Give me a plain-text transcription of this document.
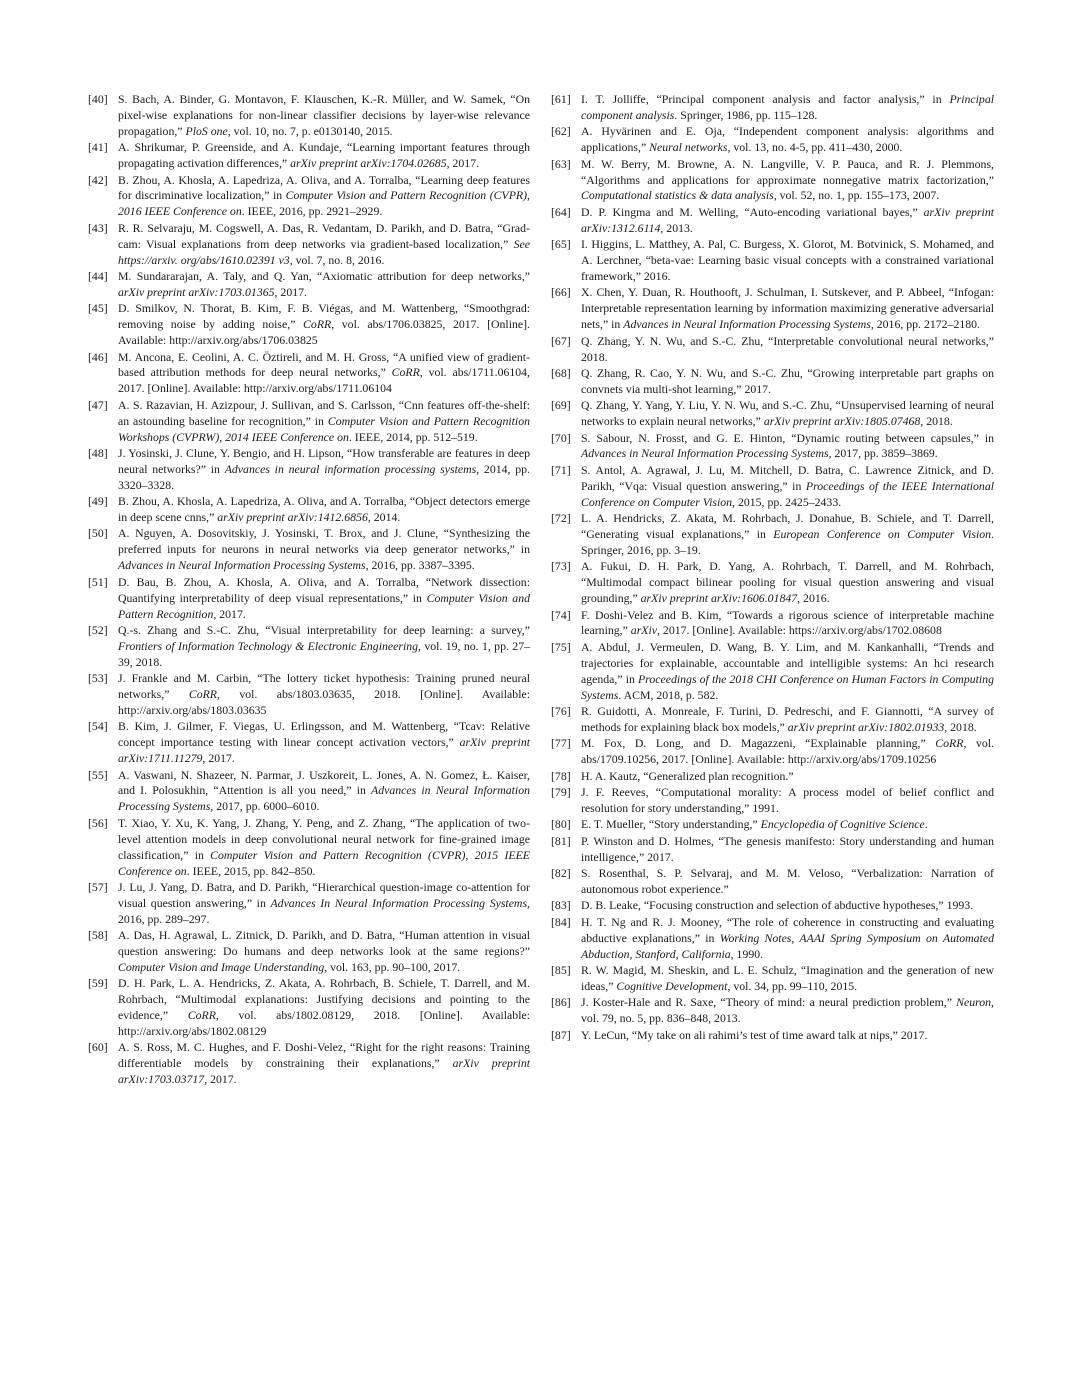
[40] S. Bach, A. Binder, G. Montavon, F. Klauschen, K.-R. Müller, and W. Samek, “On pixel-wise explanations for non-linear classifier decisions by layer-wise relevance propagation,” PloS one, vol. 10, no. 7, p. e0130140, 2015.
[41] A. Shrikumar, P. Greenside, and A. Kundaje, “Learning important features through propagating activation differences,” arXiv preprint arXiv:1704.02685, 2017.
[42] B. Zhou, A. Khosla, A. Lapedriza, A. Oliva, and A. Torralba, “Learning deep features for discriminative localization,” in Computer Vision and Pattern Recognition (CVPR), 2016 IEEE Conference on. IEEE, 2016, pp. 2921–2929.
[43] R. R. Selvaraju, M. Cogswell, A. Das, R. Vedantam, D. Parikh, and D. Batra, “Grad-cam: Visual explanations from deep networks via gradient-based localization,” See https://arxiv. org/abs/1610.02391 v3, vol. 7, no. 8, 2016.
[44] M. Sundararajan, A. Taly, and Q. Yan, “Axiomatic attribution for deep networks,” arXiv preprint arXiv:1703.01365, 2017.
[45] D. Smilkov, N. Thorat, B. Kim, F. B. Viégas, and M. Wattenberg, “Smoothgrad: removing noise by adding noise,” CoRR, vol. abs/1706.03825, 2017. [Online]. Available: http://arxiv.org/abs/1706.03825
[46] M. Ancona, E. Ceolini, A. C. Öztireli, and M. H. Gross, “A unified view of gradient-based attribution methods for deep neural networks,” CoRR, vol. abs/1711.06104, 2017. [Online]. Available: http://arxiv.org/abs/1711.06104
[47] A. S. Razavian, H. Azizpour, J. Sullivan, and S. Carlsson, “Cnn features off-the-shelf: an astounding baseline for recognition,” in Computer Vision and Pattern Recognition Workshops (CVPRW), 2014 IEEE Conference on. IEEE, 2014, pp. 512–519.
[48] J. Yosinski, J. Clune, Y. Bengio, and H. Lipson, “How transferable are features in deep neural networks?” in Advances in neural information processing systems, 2014, pp. 3320–3328.
[49] B. Zhou, A. Khosla, A. Lapedriza, A. Oliva, and A. Torralba, “Object detectors emerge in deep scene cnns,” arXiv preprint arXiv:1412.6856, 2014.
[50] A. Nguyen, A. Dosovitskiy, J. Yosinski, T. Brox, and J. Clune, “Synthesizing the preferred inputs for neurons in neural networks via deep generator networks,” in Advances in Neural Information Processing Systems, 2016, pp. 3387–3395.
[51] D. Bau, B. Zhou, A. Khosla, A. Oliva, and A. Torralba, “Network dissection: Quantifying interpretability of deep visual representations,” in Computer Vision and Pattern Recognition, 2017.
[52] Q.-s. Zhang and S.-C. Zhu, “Visual interpretability for deep learning: a survey,” Frontiers of Information Technology & Electronic Engineering, vol. 19, no. 1, pp. 27–39, 2018.
[53] J. Frankle and M. Carbin, “The lottery ticket hypothesis: Training pruned neural networks,” CoRR, vol. abs/1803.03635, 2018. [Online]. Available: http://arxiv.org/abs/1803.03635
[54] B. Kim, J. Gilmer, F. Viegas, U. Erlingsson, and M. Wattenberg, “Tcav: Relative concept importance testing with linear concept activation vectors,” arXiv preprint arXiv:1711.11279, 2017.
[55] A. Vaswani, N. Shazeer, N. Parmar, J. Uszkoreit, L. Jones, A. N. Gomez, Ł. Kaiser, and I. Polosukhin, “Attention is all you need,” in Advances in Neural Information Processing Systems, 2017, pp. 6000–6010.
[56] T. Xiao, Y. Xu, K. Yang, J. Zhang, Y. Peng, and Z. Zhang, “The application of two-level attention models in deep convolutional neural network for fine-grained image classification,” in Computer Vision and Pattern Recognition (CVPR), 2015 IEEE Conference on. IEEE, 2015, pp. 842–850.
[57] J. Lu, J. Yang, D. Batra, and D. Parikh, “Hierarchical question-image co-attention for visual question answering,” in Advances In Neural Information Processing Systems, 2016, pp. 289–297.
[58] A. Das, H. Agrawal, L. Zitnick, D. Parikh, and D. Batra, “Human attention in visual question answering: Do humans and deep networks look at the same regions?” Computer Vision and Image Understanding, vol. 163, pp. 90–100, 2017.
[59] D. H. Park, L. A. Hendricks, Z. Akata, A. Rohrbach, B. Schiele, T. Darrell, and M. Rohrbach, “Multimodal explanations: Justifying decisions and pointing to the evidence,” CoRR, vol. abs/1802.08129, 2018. [Online]. Available: http://arxiv.org/abs/1802.08129
[60] A. S. Ross, M. C. Hughes, and F. Doshi-Velez, “Right for the right reasons: Training differentiable models by constraining their explanations,” arXiv preprint arXiv:1703.03717, 2017.
[61] I. T. Jolliffe, “Principal component analysis and factor analysis,” in Principal component analysis. Springer, 1986, pp. 115–128.
[62] A. Hyvärinen and E. Oja, “Independent component analysis: algorithms and applications,” Neural networks, vol. 13, no. 4-5, pp. 411–430, 2000.
[63] M. W. Berry, M. Browne, A. N. Langville, V. P. Pauca, and R. J. Plemmons, “Algorithms and applications for approximate nonnegative matrix factorization,” Computational statistics & data analysis, vol. 52, no. 1, pp. 155–173, 2007.
[64] D. P. Kingma and M. Welling, “Auto-encoding variational bayes,” arXiv preprint arXiv:1312.6114, 2013.
[65] I. Higgins, L. Matthey, A. Pal, C. Burgess, X. Glorot, M. Botvinick, S. Mohamed, and A. Lerchner, “beta-vae: Learning basic visual concepts with a constrained variational framework,” 2016.
[66] X. Chen, Y. Duan, R. Houthooft, J. Schulman, I. Sutskever, and P. Abbeel, “Infogan: Interpretable representation learning by information maximizing generative adversarial nets,” in Advances in Neural Information Processing Systems, 2016, pp. 2172–2180.
[67] Q. Zhang, Y. N. Wu, and S.-C. Zhu, “Interpretable convolutional neural networks,” 2018.
[68] Q. Zhang, R. Cao, Y. N. Wu, and S.-C. Zhu, “Growing interpretable part graphs on convnets via multi-shot learning,” 2017.
[69] Q. Zhang, Y. Yang, Y. Liu, Y. N. Wu, and S.-C. Zhu, “Unsupervised learning of neural networks to explain neural networks,” arXiv preprint arXiv:1805.07468, 2018.
[70] S. Sabour, N. Frosst, and G. E. Hinton, “Dynamic routing between capsules,” in Advances in Neural Information Processing Systems, 2017, pp. 3859–3869.
[71] S. Antol, A. Agrawal, J. Lu, M. Mitchell, D. Batra, C. Lawrence Zitnick, and D. Parikh, “Vqa: Visual question answering,” in Proceedings of the IEEE International Conference on Computer Vision, 2015, pp. 2425–2433.
[72] L. A. Hendricks, Z. Akata, M. Rohrbach, J. Donahue, B. Schiele, and T. Darrell, “Generating visual explanations,” in European Conference on Computer Vision. Springer, 2016, pp. 3–19.
[73] A. Fukui, D. H. Park, D. Yang, A. Rohrbach, T. Darrell, and M. Rohrbach, “Multimodal compact bilinear pooling for visual question answering and visual grounding,” arXiv preprint arXiv:1606.01847, 2016.
[74] F. Doshi-Velez and B. Kim, “Towards a rigorous science of interpretable machine learning,” arXiv, 2017. [Online]. Available: https://arxiv.org/abs/1702.08608
[75] A. Abdul, J. Vermeulen, D. Wang, B. Y. Lim, and M. Kankanhalli, “Trends and trajectories for explainable, accountable and intelligible systems: An hci research agenda,” in Proceedings of the 2018 CHI Conference on Human Factors in Computing Systems. ACM, 2018, p. 582.
[76] R. Guidotti, A. Monreale, F. Turini, D. Pedreschi, and F. Giannotti, “A survey of methods for explaining black box models,” arXiv preprint arXiv:1802.01933, 2018.
[77] M. Fox, D. Long, and D. Magazzeni, “Explainable planning,” CoRR, vol. abs/1709.10256, 2017. [Online]. Available: http://arxiv.org/abs/1709.10256
[78] H. A. Kautz, “Generalized plan recognition.”
[79] J. F. Reeves, “Computational morality: A process model of belief conflict and resolution for story understanding,” 1991.
[80] E. T. Mueller, “Story understanding,” Encyclopedia of Cognitive Science.
[81] P. Winston and D. Holmes, “The genesis manifesto: Story understanding and human intelligence,” 2017.
[82] S. Rosenthal, S. P. Selvaraj, and M. M. Veloso, “Verbalization: Narration of autonomous robot experience.”
[83] D. B. Leake, “Focusing construction and selection of abductive hypotheses,” 1993.
[84] H. T. Ng and R. J. Mooney, “The role of coherence in constructing and evaluating abductive explanations,” in Working Notes, AAAI Spring Symposium on Automated Abduction, Stanford, California, 1990.
[85] R. W. Magid, M. Sheskin, and L. E. Schulz, “Imagination and the generation of new ideas,” Cognitive Development, vol. 34, pp. 99–110, 2015.
[86] J. Koster-Hale and R. Saxe, “Theory of mind: a neural prediction problem,” Neuron, vol. 79, no. 5, pp. 836–848, 2013.
[87] Y. LeCun, “My take on ali rahimi’s test of time award talk at nips,” 2017.
